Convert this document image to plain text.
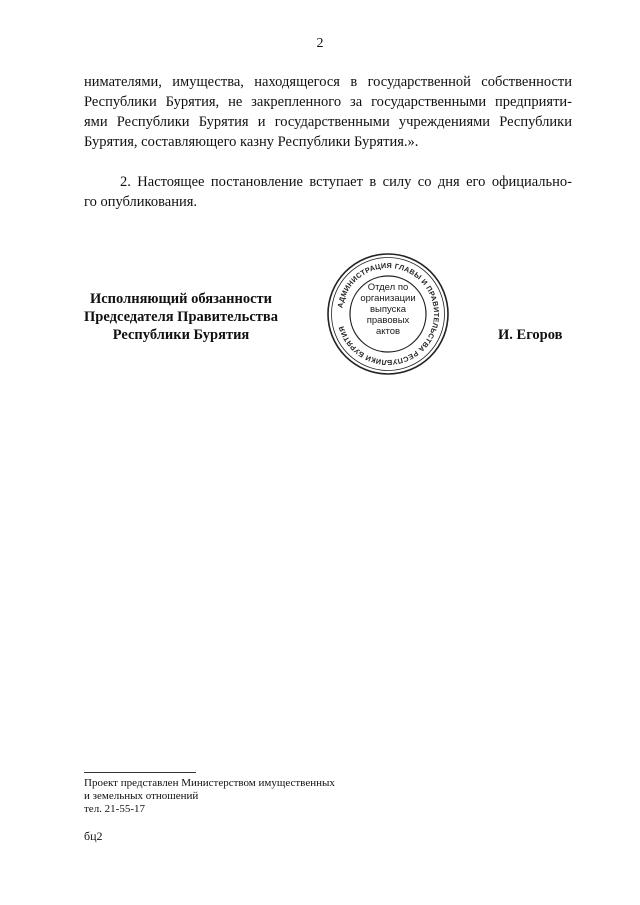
2

нимателями, имущества, находящегося в государственной собственности
Республики Бурятия, не закрепленного за государственными предприяти-
ями Республики Бурятия и государственными учреждениями Республики
Бурятия, составляющего казну Республики Бурятия.».

2. Настоящее постановление вступает в силу со дня его официально-
го опубликования.

Исполняющий обязанности
Председателя Правительства
Республики Бурятия
АДМИНИСТРАЦИЯ ГЛАВЫ И ПРАВИТЕЛЬСТВА РЕСПУБЛИКИ БУРЯТИЯ
Отдел по
организации
выпуска
правовых
актов	И. Егоров
Проект представлен Министерством имущественных
и земельных отношений
тел. 21-55-17
бц2
